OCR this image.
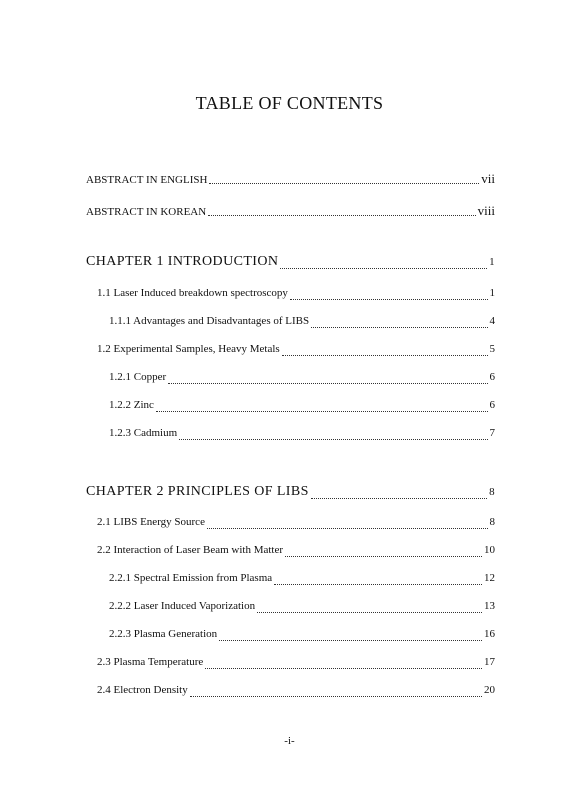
TABLE OF CONTENTS
ABSTRACT IN ENGLISH	vii
ABSTRACT IN KOREAN	viii
CHAPTER 1 INTRODUCTION	1
1.1 Laser Induced breakdown spectroscopy	1
1.1.1 Advantages and Disadvantages of LIBS	4
1.2 Experimental Samples, Heavy Metals	5
1.2.1 Copper	6
1.2.2 Zinc	6
1.2.3 Cadmium	7
CHAPTER 2 PRINCIPLES OF LIBS	8
2.1 LIBS Energy Source	8
2.2 Interaction of Laser Beam with Matter	10
2.2.1 Spectral Emission from Plasma	12
2.2.2 Laser Induced Vaporization	13
2.2.3 Plasma Generation	16
2.3 Plasma Temperature	17
2.4 Electron Density	20
-i-
